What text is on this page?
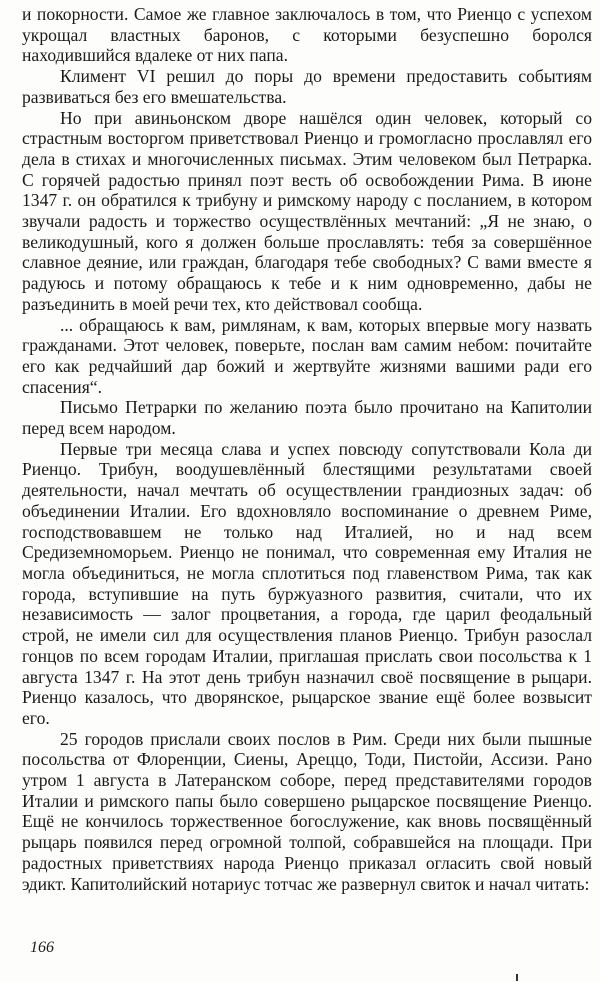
и покорности. Самое же главное заключалось в том, что Риенцо с успехом укрощал властных баронов, с которыми безуспешно боролся находившийся вдалеке от них папа.

Климент VI решил до поры до времени предоставить событиям развиваться без его вмешательства.

Но при авиньонском дворе нашёлся один человек, который со страстным восторгом приветствовал Риенцо и громогласно прославлял его дела в стихах и многочисленных письмах. Этим человеком был Петрарка. С горячей радостью принял поэт весть об освобождении Рима. В июне 1347 г. он обратился к трибуну и римскому народу с посланием, в котором звучали радость и торжество осуществлённых мечтаний: „Я не знаю, о великодушный, кого я должен больше прославлять: тебя за совершённое славное деяние, или граждан, благодаря тебе свободных? С вами вместе я радуюсь и потому обращаюсь к тебе и к ним одновременно, дабы не разъединить в моей речи тех, кто действовал сообща.

... обращаюсь к вам, римлянам, к вам, которых впервые могу назвать гражданами. Этот человек, поверьте, послан вам самим небом: почитайте его как редчайший дар божий и жертвуйте жизнями вашими ради его спасения“.

Письмо Петрарки по желанию поэта было прочитано на Капитолии перед всем народом.

Первые три месяца слава и успех повсюду сопутствовали Кола ди Риенцо. Трибун, воодушевлённый блестящими результатами своей деятельности, начал мечтать об осуществлении грандиозных задач: об объединении Италии. Его вдохновляло воспоминание о древнем Риме, господствовавшем не только над Италией, но и над всем Средиземноморьем. Риенцо не понимал, что современная ему Италия не могла объединиться, не могла сплотиться под главенством Рима, так как города, вступившие на путь буржуазного развития, считали, что их независимость — залог процветания, а города, где царил феодальный строй, не имели сил для осуществления планов Риенцо. Трибун разослал гонцов по всем городам Италии, приглашая прислать свои посольства к 1 августа 1347 г. На этот день трибун назначил своё посвящение в рыцари. Риенцо казалось, что дворянское, рыцарское звание ещё более возвысит его.

25 городов прислали своих послов в Рим. Среди них были пышные посольства от Флоренции, Сиены, Ареццо, Тоди, Пистойи, Ассизи. Рано утром 1 августа в Латеранском соборе, перед представителями городов Италии и римского папы было совершено рыцарское посвящение Риенцо. Ещё не кончилось торжественное богослужение, как вновь посвящённый рыцарь появился перед огромной толпой, собравшейся на площади. При радостных приветствиях народа Риенцо приказал огласить свой новый эдикт. Капитолийский нотариус тотчас же развернул свиток и начал читать:

166
